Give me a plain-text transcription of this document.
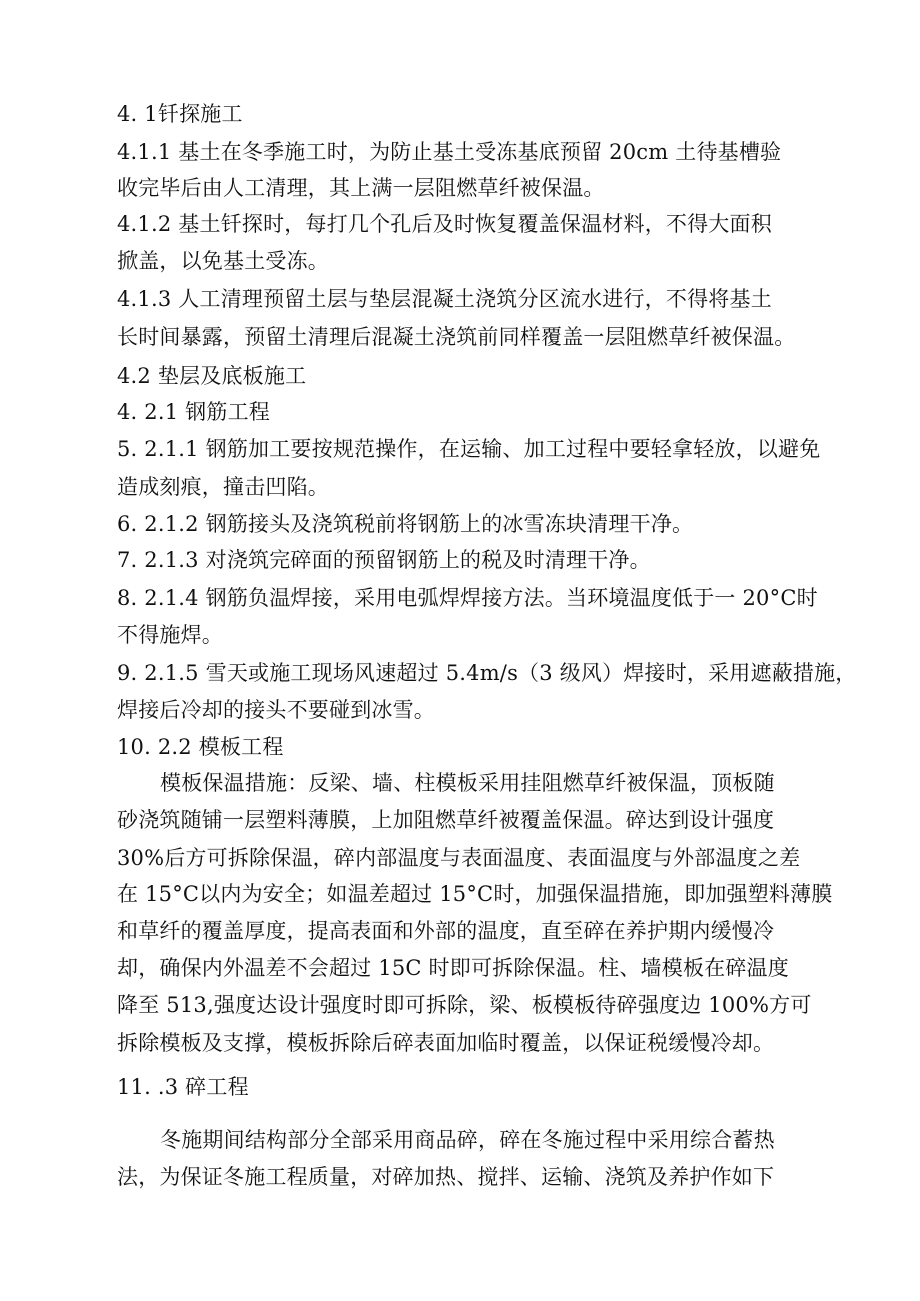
4. 1钎探施工
4.1.1 基土在冬季施工时，为防止基土受冻基底预留 20cm 土待基槽验
收完毕后由人工清理，其上满一层阻燃草纤被保温。
4.1.2 基土钎探时，每打几个孔后及时恢复覆盖保温材料，不得大面积
掀盖，以免基土受冻。
4.1.3 人工清理预留土层与垫层混凝土浇筑分区流水进行，不得将基土
长时间暴露，预留土清理后混凝土浇筑前同样覆盖一层阻燃草纤被保温。
4.2 垫层及底板施工
4. 2.1 钢筋工程
5. 2.1.1 钢筋加工要按规范操作，在运输、加工过程中要轻拿轻放，以避免
造成刻痕，撞击凹陷。
6. 2.1.2 钢筋接头及浇筑税前将钢筋上的冰雪冻块清理干净。
7. 2.1.3 对浇筑完碎面的预留钢筋上的税及时清理干净。
8. 2.1.4 钢筋负温焊接，采用电弧焊焊接方法。当环境温度低于一 20°C时
不得施焊。
9. 2.1.5 雪天或施工现场风速超过 5.4m/s（3 级风）焊接时，采用遮蔽措施，
焊接后冷却的接头不要碰到冰雪。
10. 2.2 模板工程
模板保温措施：反梁、墙、柱模板采用挂阻燃草纤被保温，顶板随
砂浇筑随铺一层塑料薄膜，上加阻燃草纤被覆盖保温。碎达到设计强度
30%后方可拆除保温，碎内部温度与表面温度、表面温度与外部温度之差
在 15°C以内为安全；如温差超过 15°C时，加强保温措施，即加强塑料薄膜
和草纤的覆盖厚度，提高表面和外部的温度，直至碎在养护期内缓慢冷
却，确保内外温差不会超过 15C 时即可拆除保温。柱、墙模板在碎温度
降至 513,强度达设计强度时即可拆除，梁、板模板待碎强度边 100%方可
拆除模板及支撑，模板拆除后碎表面加临时覆盖，以保证税缓慢冷却。
11. .3 碎工程
冬施期间结构部分全部采用商品碎，碎在冬施过程中采用综合蓄热
法，为保证冬施工程质量，对碎加热、搅拌、运输、浇筑及养护作如下
